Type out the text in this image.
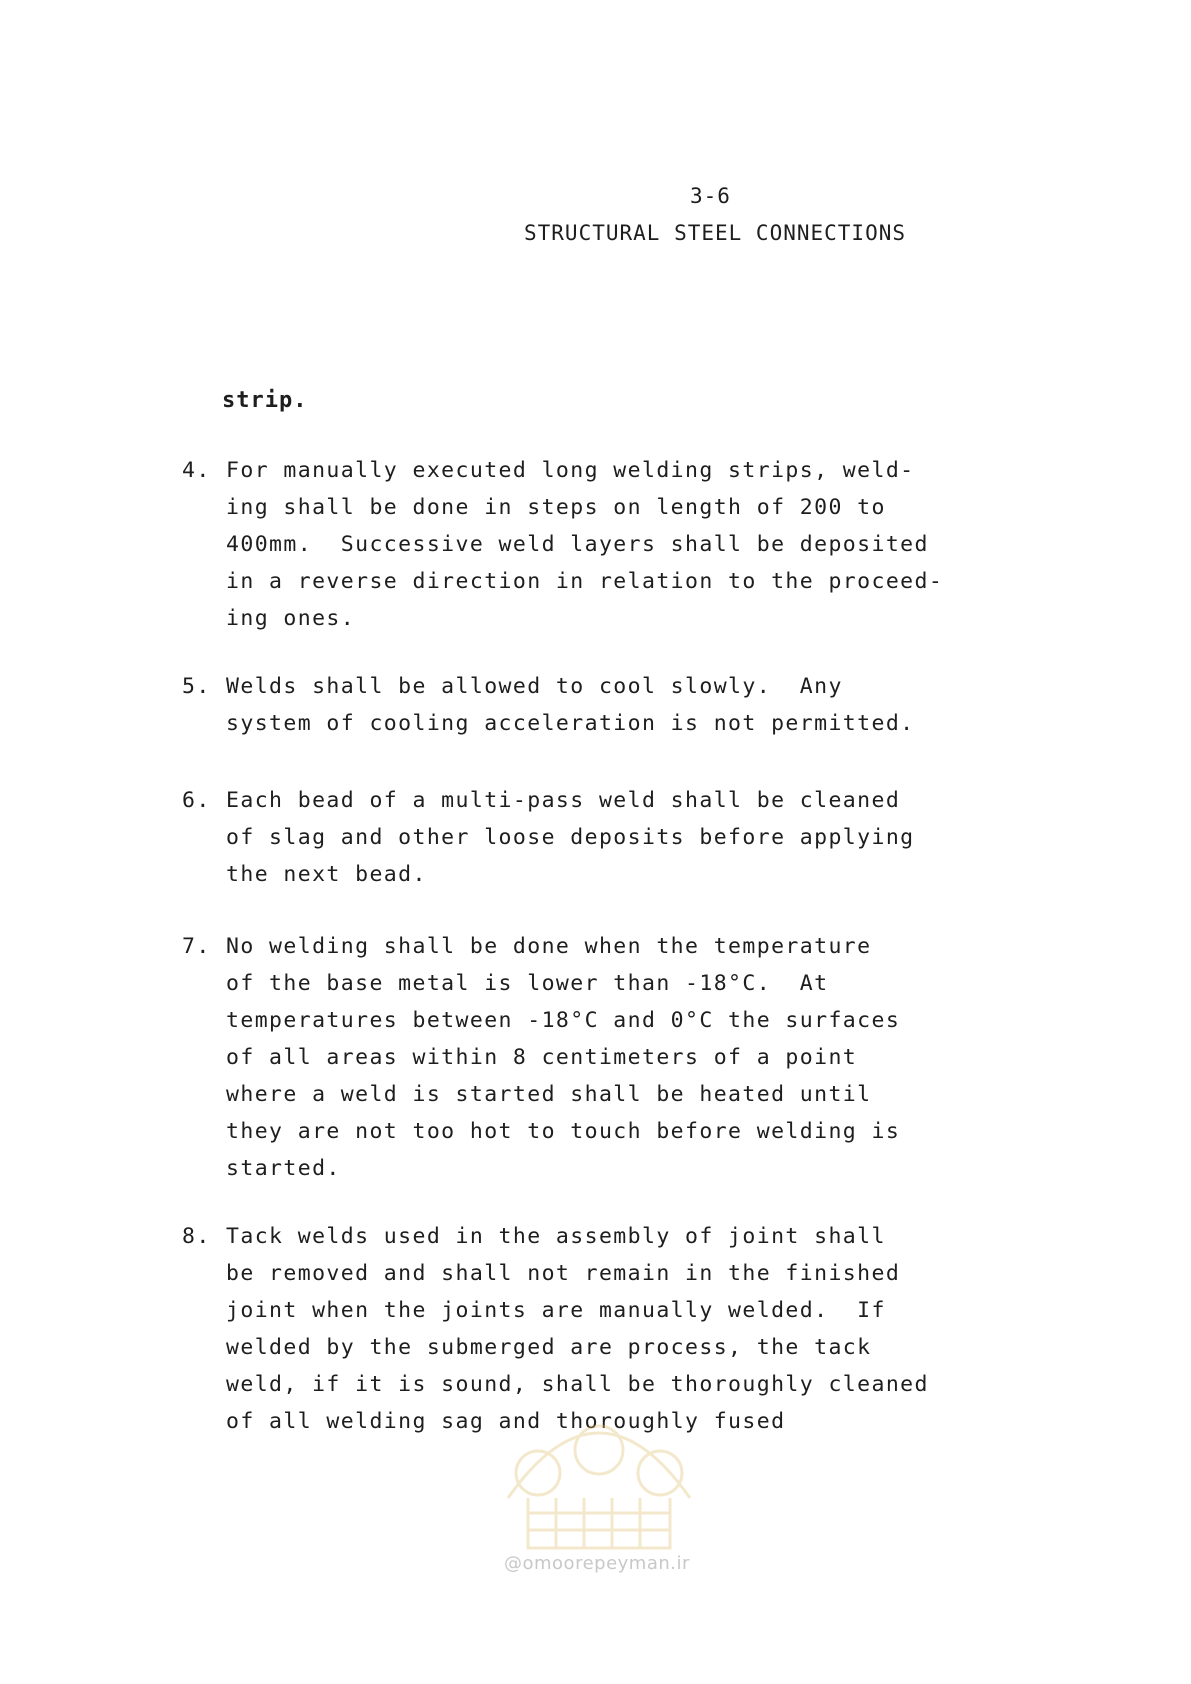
3-6
STRUCTURAL STEEL CONNECTIONS
strip.
4. For manually executed long welding strips, weld-
ing shall be done in steps on length of 200 to
400mm.  Successive weld layers shall be deposited
in a reverse direction in relation to the proceed-
ing ones.
5. Welds shall be allowed to cool slowly.  Any
system of cooling acceleration is not permitted.
6. Each bead of a multi-pass weld shall be cleaned
of slag and other loose deposits before applying
the next bead.
7. No welding shall be done when the temperature
of the base metal is lower than -18°C.  At
temperatures between -18°C and 0°C the surfaces
of all areas within 8 centimeters of a point
where a weld is started shall be heated until
they are not too hot to touch before welding is
started.
8. Tack welds used in the assembly of joint shall
be removed and shall not remain in the finished
joint when the joints are manually welded.  If
welded by the submerged are process, the tack
weld, if it is sound, shall be thoroughly cleaned
of all welding sag and thoroughly fused
@omoorepeyman.ir
